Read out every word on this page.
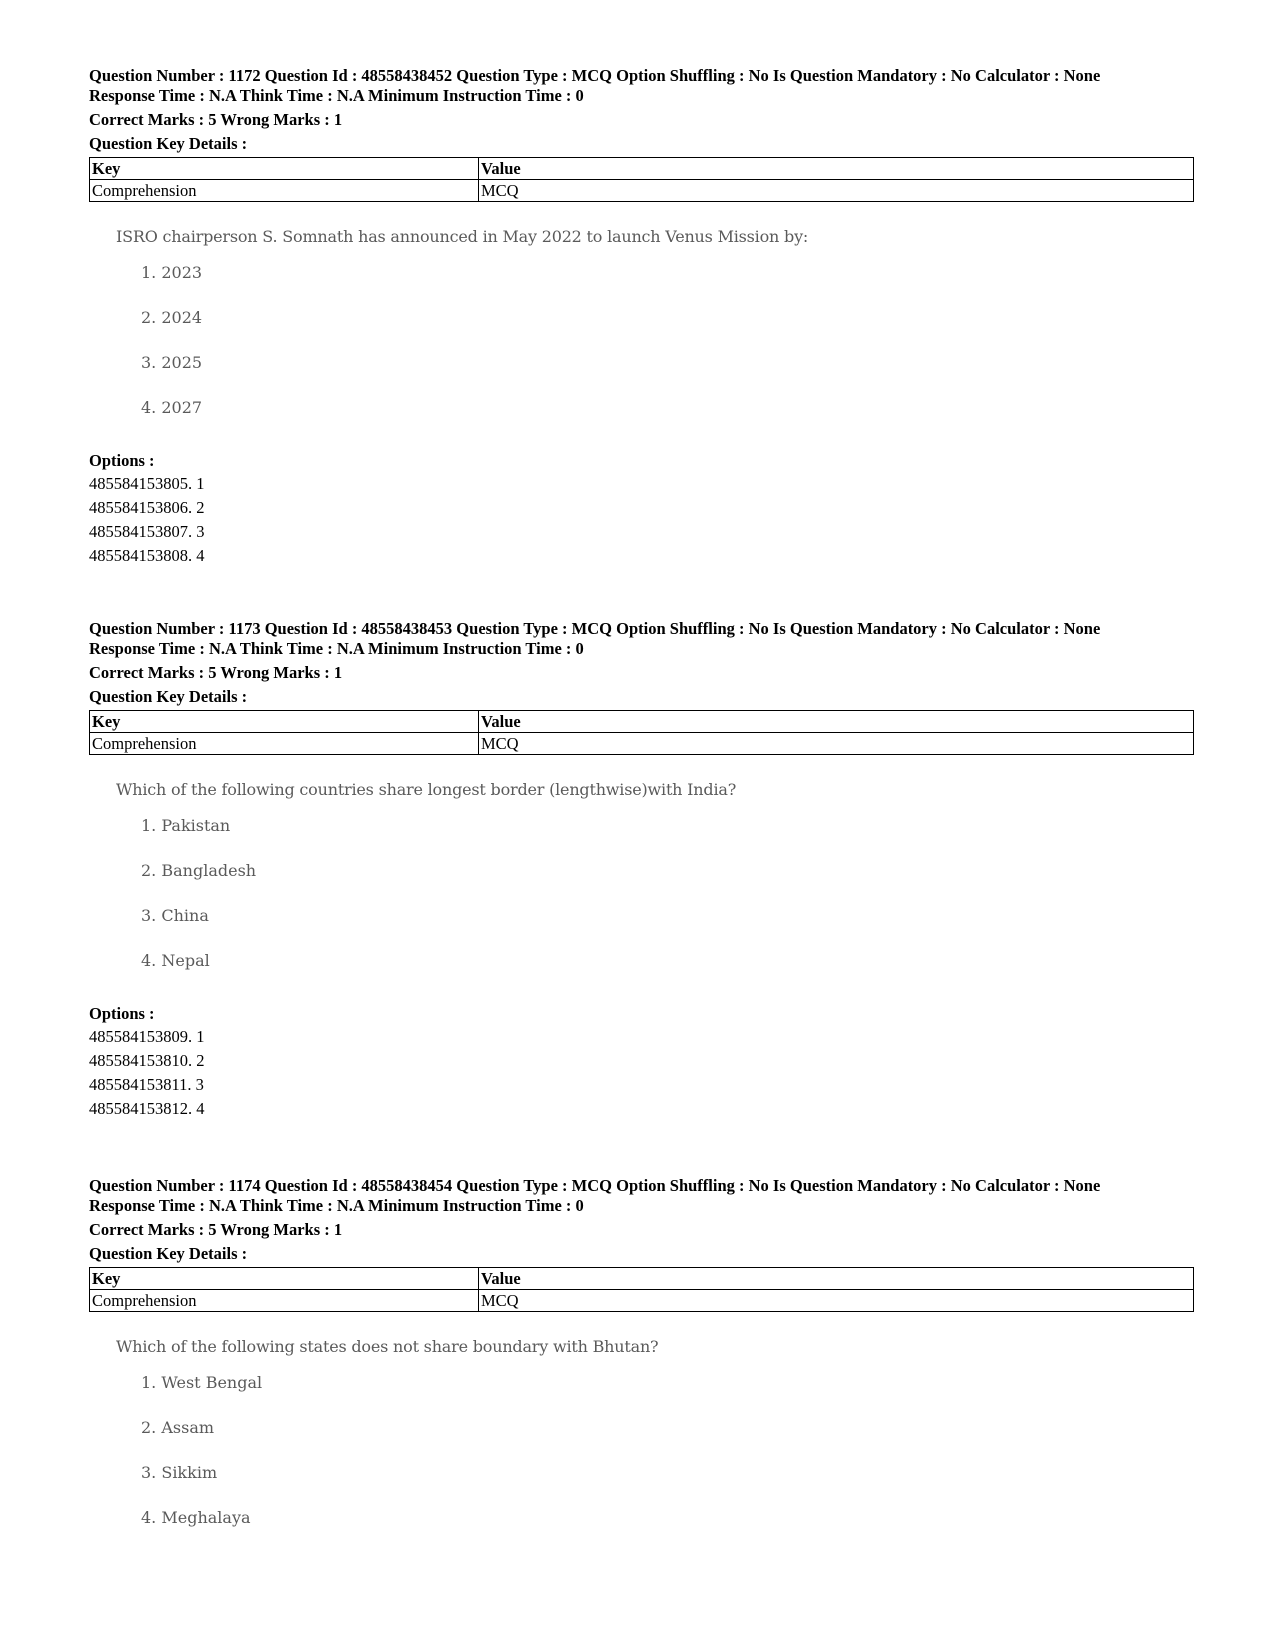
Question Number : 1172 Question Id : 48558438452 Question Type : MCQ Option Shuffling : No Is Question Mandatory : No Calculator : None

Response Time : N.A Think Time : N.A Minimum Instruction Time : 0

Correct Marks : 5 Wrong Marks : 1
Question Key Details :
Key	Value
Comprehension	MCQ
ISRO chairperson S. Somnath has announced in May 2022 to launch Venus Mission by:
1. 2023
2. 2024
3. 2025
4. 2027
Options :
485584153805. 1
485584153806. 2
485584153807. 3
485584153808. 4

Question Number : 1173 Question Id : 48558438453 Question Type : MCQ Option Shuffling : No Is Question Mandatory : No Calculator : None

Response Time : N.A Think Time : N.A Minimum Instruction Time : 0

Correct Marks : 5 Wrong Marks : 1
Question Key Details :
Key	Value
Comprehension	MCQ
Which of the following countries share longest border (lengthwise)with India?
1. Pakistan
2. Bangladesh
3. China
4. Nepal
Options :
485584153809. 1
485584153810. 2
485584153811. 3
485584153812. 4

Question Number : 1174 Question Id : 48558438454 Question Type : MCQ Option Shuffling : No Is Question Mandatory : No Calculator : None

Response Time : N.A Think Time : N.A Minimum Instruction Time : 0

Correct Marks : 5 Wrong Marks : 1
Question Key Details :
Key	Value
Comprehension	MCQ
Which of the following states does not share boundary with Bhutan?
1. West Bengal
2. Assam
3. Sikkim
4. Meghalaya
